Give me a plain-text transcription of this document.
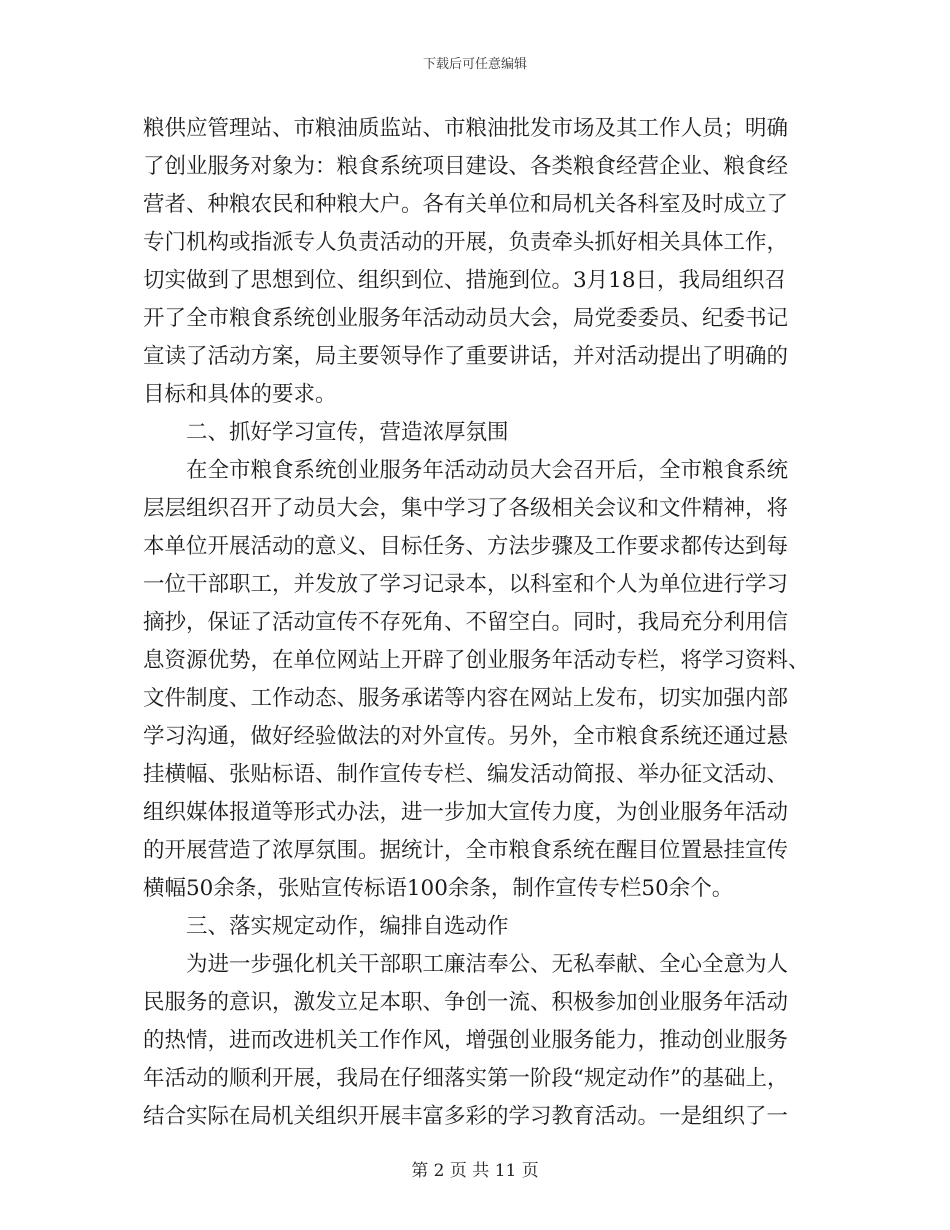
下载后可任意编辑
粮供应管理站、市粮油质监站、市粮油批发市场及其工作人员；明确
了创业服务对象为：粮食系统项目建设、各类粮食经营企业、粮食经
营者、种粮农民和种粮大户。各有关单位和局机关各科室及时成立了
专门机构或指派专人负责活动的开展，负责牵头抓好相关具体工作，
切实做到了思想到位、组织到位、措施到位。3月18日，我局组织召
开了全市粮食系统创业服务年活动动员大会，局党委委员、纪委书记
宣读了活动方案，局主要领导作了重要讲话，并对活动提出了明确的
目标和具体的要求。
二、抓好学习宣传，营造浓厚氛围
在全市粮食系统创业服务年活动动员大会召开后，全市粮食系统
层层组织召开了动员大会，集中学习了各级相关会议和文件精神，将
本单位开展活动的意义、目标任务、方法步骤及工作要求都传达到每
一位干部职工，并发放了学习记录本，以科室和个人为单位进行学习
摘抄，保证了活动宣传不存死角、不留空白。同时，我局充分利用信
息资源优势，在单位网站上开辟了创业服务年活动专栏，将学习资料、
文件制度、工作动态、服务承诺等内容在网站上发布，切实加强内部
学习沟通，做好经验做法的对外宣传。另外，全市粮食系统还通过悬
挂横幅、张贴标语、制作宣传专栏、编发活动简报、举办征文活动、
组织媒体报道等形式办法，进一步加大宣传力度，为创业服务年活动
的开展营造了浓厚氛围。据统计，全市粮食系统在醒目位置悬挂宣传
横幅50余条，张贴宣传标语100余条，制作宣传专栏50余个。
三、落实规定动作，编排自选动作
为进一步强化机关干部职工廉洁奉公、无私奉献、全心全意为人
民服务的意识，激发立足本职、争创一流、积极参加创业服务年活动
的热情，进而改进机关工作作风，增强创业服务能力，推动创业服务
年活动的顺利开展，我局在仔细落实第一阶段“规定动作”的基础上，
结合实际在局机关组织开展丰富多彩的学习教育活动。一是组织了一
第 2 页 共 11 页
